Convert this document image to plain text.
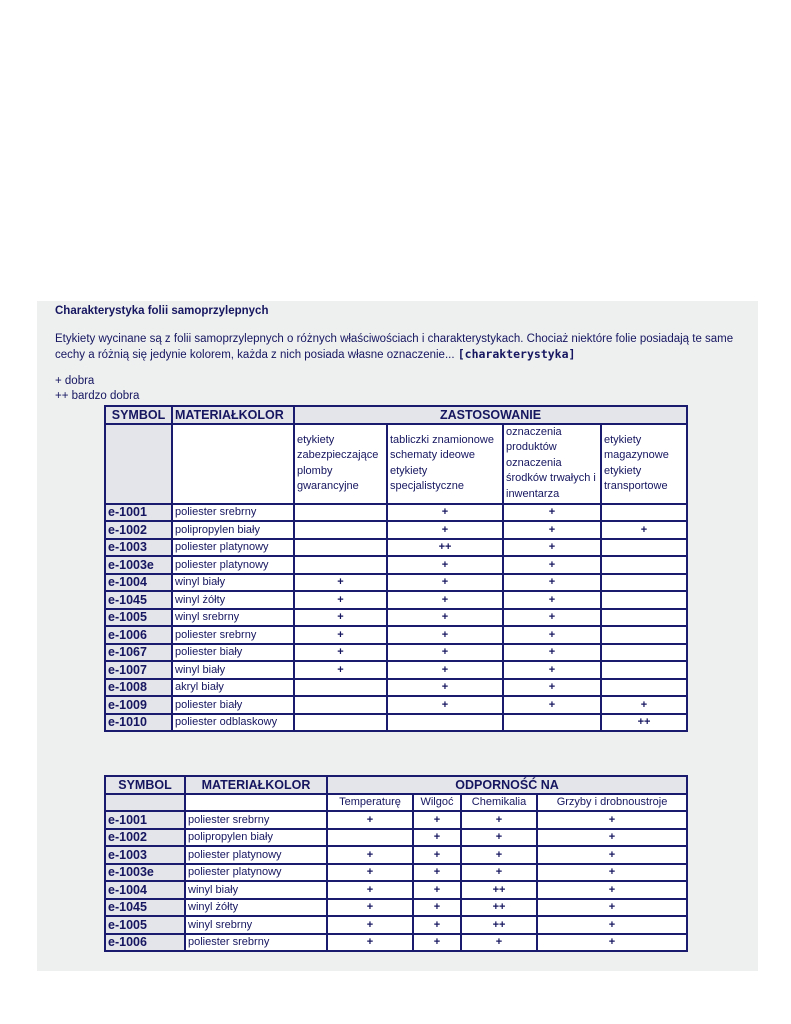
Charakterystyka folii samoprzylepnych
Etykiety wycinane są z folii samoprzylepnych o różnych właściwościach i charakterystykach. Chociaż niektóre folie posiadają te same cechy a różnią się jedynie kolorem, każda z nich posiada własne oznaczenie... [charakterystyka]
+ dobra
++ bardzo dobra
SYMBOL	MATERIAŁKOLOR	ZASTOSOWANIE			
		etykiety zabezpieczające plomby gwarancyjne	tabliczki znamionowe schematy ideowe etykiety specjalistyczne	oznaczenia produktów oznaczenia środków trwałych i inwentarza	etykiety magazynowe etykiety transportowe
e-1001	poliester srebrny		+	+	
e-1002	polipropylen biały		+	+	+
e-1003	poliester platynowy		++	+	
e-1003e	poliester platynowy		+	+	
e-1004	winyl biały	+	+	+	
e-1045	winyl żółty	+	+	+	
e-1005	winyl srebrny	+	+	+	
e-1006	poliester srebrny	+	+	+	
e-1067	poliester biały	+	+	+	
e-1007	winyl biały	+	+	+	
e-1008	akryl biały		+	+	
e-1009	poliester biały		+	+	+
e-1010	poliester odblaskowy				++
SYMBOL	MATERIAŁKOLOR	ODPORNOŚĆ NA			
		Temperaturę	Wilgoć	Chemikalia	Grzyby i drobnoustroje
e-1001	poliester srebrny	+	+	+	+
e-1002	polipropylen biały		+	+	+
e-1003	poliester platynowy	+	+	+	+
e-1003e	poliester platynowy	+	+	+	+
e-1004	winyl biały	+	+	++	+
e-1045	winyl żółty	+	+	++	+
e-1005	winyl srebrny	+	+	++	+
e-1006	poliester srebrny	+	+	+	+
